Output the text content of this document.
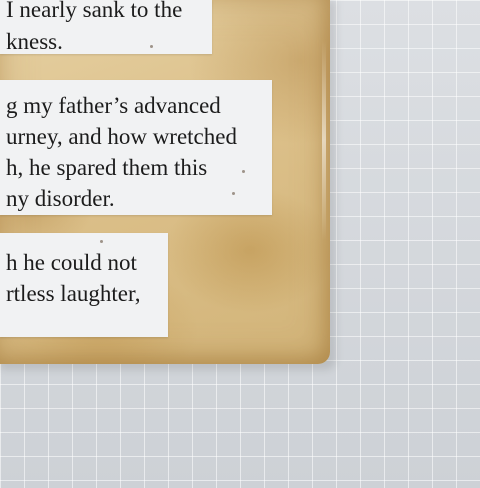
I nearly sank to the
kness.
g my father’s advanced
urney, and how wretched
h, he spared them this
ny disorder.
h he could not
rtless laughter,
